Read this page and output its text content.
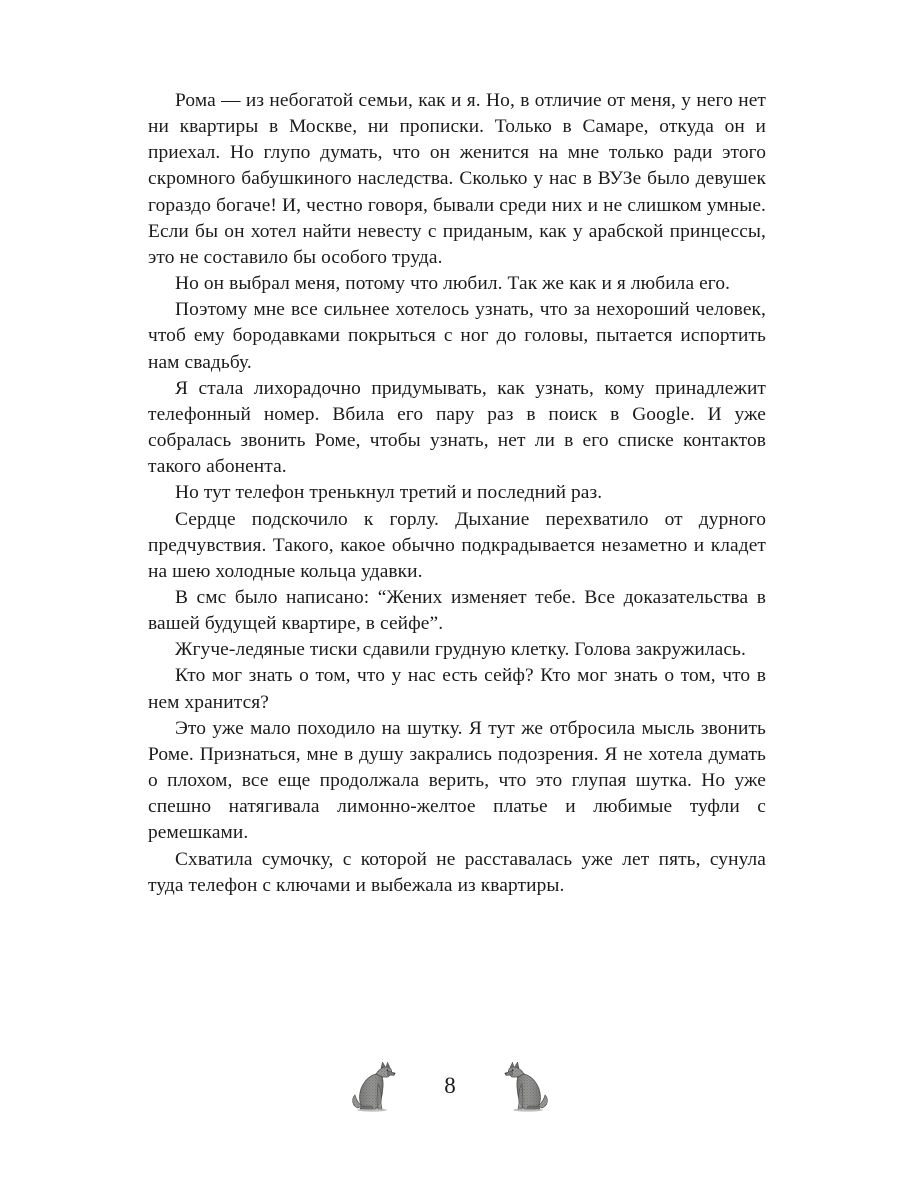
Рома — из небогатой семьи, как и я. Но, в отличие от меня, у него нет ни квартиры в Москве, ни прописки. Только в Самаре, откуда он и приехал. Но глупо думать, что он женится на мне только ради этого скромного бабушкиного наследства. Сколько у нас в ВУЗе было девушек гораздо богаче! И, честно говоря, бывали среди них и не слишком умные. Если бы он хотел найти невесту с приданым, как у арабской принцессы, это не составило бы особого труда.

Но он выбрал меня, потому что любил. Так же как и я любила его.

Поэтому мне все сильнее хотелось узнать, что за нехороший человек, чтоб ему бородавками покрыться с ног до головы, пытается испортить нам свадьбу.

Я стала лихорадочно придумывать, как узнать, кому принадлежит телефонный номер. Вбила его пару раз в поиск в Google. И уже собралась звонить Роме, чтобы узнать, нет ли в его списке контактов такого абонента.

Но тут телефон тренькнул третий и последний раз.

Сердце подскочило к горлу. Дыхание перехватило от дурного предчувствия. Такого, какое обычно подкрадывается незаметно и кладет на шею холодные кольца удавки.

В смс было написано: “Жених изменяет тебе. Все доказательства в вашей будущей квартире, в сейфе”.

Жгуче-ледяные тиски сдавили грудную клетку. Голова закружилась.

Кто мог знать о том, что у нас есть сейф? Кто мог знать о том, что в нем хранится?

Это уже мало походило на шутку. Я тут же отбросила мысль звонить Роме. Признаться, мне в душу закрались подозрения. Я не хотела думать о плохом, все еще продолжала верить, что это глупая шутка. Но уже спешно натягивала лимонно-желтое платье и любимые туфли с ремешками.

Схватила сумочку, с которой не расставалась уже лет пять, сунула туда телефон с ключами и выбежала из квартиры.

8
